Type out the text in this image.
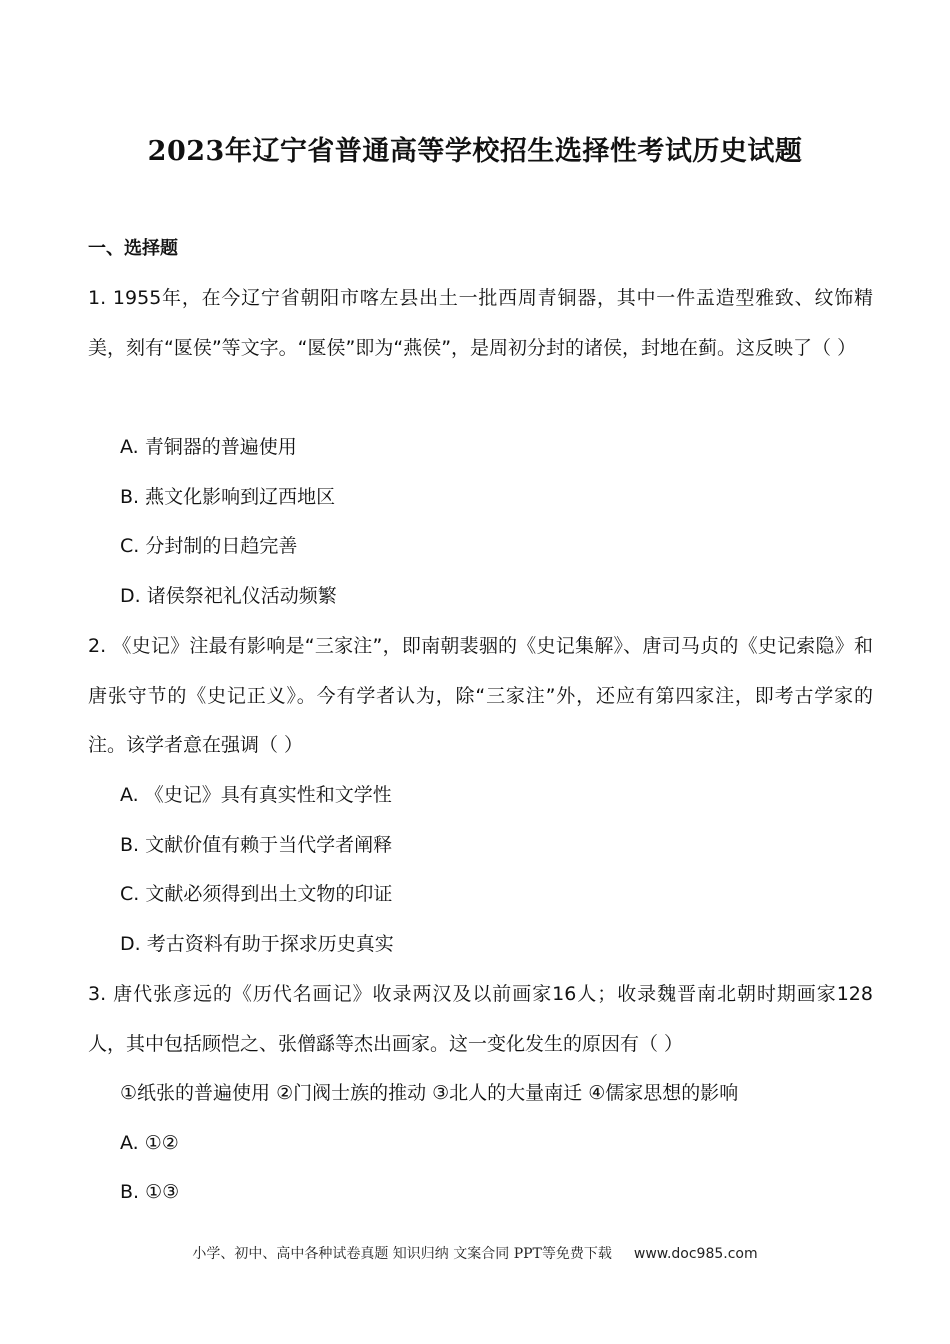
2023年辽宁省普通高等学校招生选择性考试历史试题
一、选择题
1. 1955年，在今辽宁省朝阳市喀左县出土一批西周青铜器，其中一件盂造型雅致、纹饰精美，刻有“匽侯”等文字。“匽侯”即为“燕侯”，是周初分封的诸侯，封地在蓟。这反映了（ ）
A. 青铜器的普遍使用
B. 燕文化影响到辽西地区
C. 分封制的日趋完善
D. 诸侯祭祀礼仪活动频繁
2. 《史记》注最有影响是“三家注”，即南朝裴骃的《史记集解》、唐司马贞的《史记索隐》和唐张守节的《史记正义》。今有学者认为，除“三家注”外，还应有第四家注，即考古学家的注。该学者意在强调（ ）
A. 《史记》具有真实性和文学性
B. 文献价值有赖于当代学者阐释
C. 文献必须得到出土文物的印证
D. 考古资料有助于探求历史真实
3. 唐代张彦远的《历代名画记》收录两汉及以前画家16人；收录魏晋南北朝时期画家128人，其中包括顾恺之、张僧繇等杰出画家。这一变化发生的原因有（ ）
①纸张的普遍使用 ②门阀士族的推动 ③北人的大量南迁 ④儒家思想的影响
A. ①②
B. ①③
小学、初中、高中各种试卷真题 知识归纳 文案合同 PPT等免费下载 www.doc985.com
